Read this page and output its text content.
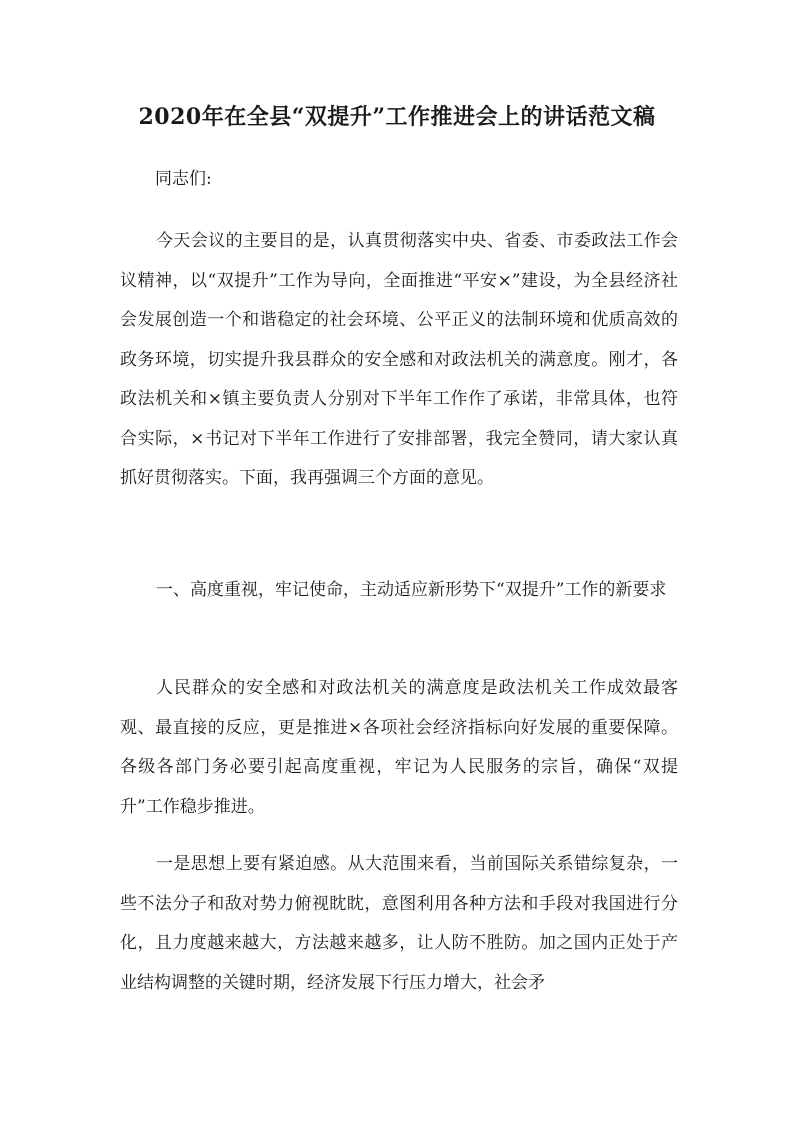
2020年在全县“双提升”工作推进会上的讲话范文稿
同志们:

今天会议的主要目的是，认真贯彻落实中央、省委、市委政法工作会议精神，以“双提升”工作为导向，全面推进“平安×”建设，为全县经济社会发展创造一个和谐稳定的社会环境、公平正义的法制环境和优质高效的政务环境，切实提升我县群众的安全感和对政法机关的满意度。刚才，各政法机关和×镇主要负责人分别对下半年工作作了承诺，非常具体，也符合实际，×书记对下半年工作进行了安排部署，我完全赞同，请大家认真抓好贯彻落实。下面，我再强调三个方面的意见。

一、高度重视，牢记使命，主动适应新形势下“双提升”工作的新要求

人民群众的安全感和对政法机关的满意度是政法机关工作成效最客观、最直接的反应，更是推进×各项社会经济指标向好发展的重要保障。各级各部门务必要引起高度重视，牢记为人民服务的宗旨，确保“双提升”工作稳步推进。

一是思想上要有紧迫感。从大范围来看，当前国际关系错综复杂，一些不法分子和敌对势力俯视眈眈，意图利用各种方法和手段对我国进行分化，且力度越来越大，方法越来越多，让人防不胜防。加之国内正处于产业结构调整的关键时期，经济发展下行压力增大，社会矛
